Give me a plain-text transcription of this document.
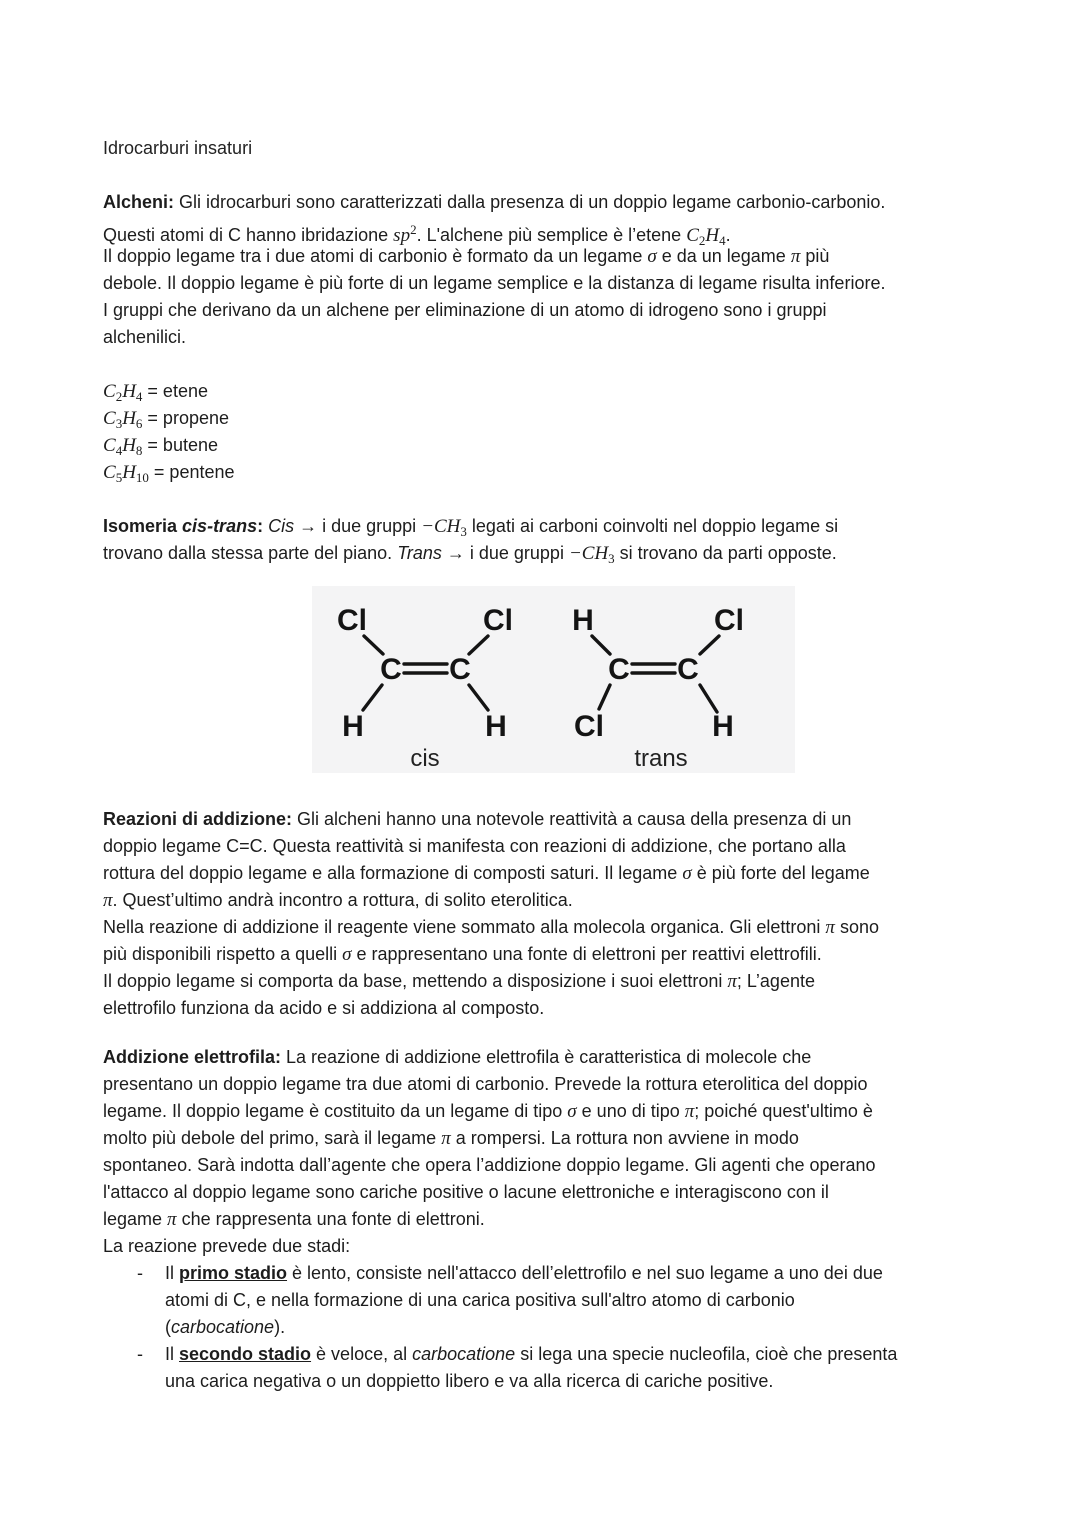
Idrocarburi insaturi
Alcheni: Gli idrocarburi sono caratterizzati dalla presenza di un doppio legame carbonio-carbonio.
Questi atomi di C hanno ibridazione $sp^2$. L'alchene più semplice è l’etene $C_2H_4$.
Il doppio legame tra i due atomi di carbonio è formato da un legame σ e da un legame π più
debole. Il doppio legame è più forte di un legame semplice e la distanza di legame risulta inferiore.
I gruppi che derivano da un alchene per eliminazione di un atomo di idrogeno sono i gruppi
alchenilici.
$C_2H_4$ = etene
$C_3H_6$ = propene
$C_4H_8$ = butene
$C_5H_{10}$ = pentene
Isomeria cis-trans: Cis → i due gruppi $-CH_3$ legati ai carboni coinvolti nel doppio legame si
trovano dalla stessa parte del piano. Trans → i due gruppi $-CH_3$ si trovano da parti opposte.
Cl	Cl
C C
H	H
cis
H	Cl
C C
Cl	H
trans
Reazioni di addizione: Gli alcheni hanno una notevole reattività a causa della presenza di un
doppio legame C=C. Questa reattività si manifesta con reazioni di addizione, che portano alla
rottura del doppio legame e alla formazione di composti saturi. Il legame σ è più forte del legame
π. Quest’ultimo andrà incontro a rottura, di solito eterolitica.
Nella reazione di addizione il reagente viene sommato alla molecola organica. Gli elettroni π sono
più disponibili rispetto a quelli σ e rappresentano una fonte di elettroni per reattivi elettrofili.
Il doppio legame si comporta da base, mettendo a disposizione i suoi elettroni π; L’agente
elettrofilo funziona da acido e si addiziona al composto.
Addizione elettrofila: La reazione di addizione elettrofila è caratteristica di molecole che
presentano un doppio legame tra due atomi di carbonio. Prevede la rottura eterolitica del doppio
legame. Il doppio legame è costituito da un legame di tipo σ e uno di tipo π; poiché quest'ultimo è
molto più debole del primo, sarà il legame π a rompersi. La rottura non avviene in modo
spontaneo. Sarà indotta dall’agente che opera l’addizione doppio legame. Gli agenti che operano
l'attacco al doppio legame sono cariche positive o lacune elettroniche e interagiscono con il
legame π che rappresenta una fonte di elettroni.
La reazione prevede due stadi:
-	Il primo stadio è lento, consiste nell'attacco dell’elettrofilo e nel suo legame a uno dei due
atomi di C, e nella formazione di una carica positiva sull'altro atomo di carbonio
(carbocatione).
-	Il secondo stadio è veloce, al carbocatione si lega una specie nucleofila, cioè che presenta
una carica negativa o un doppietto libero e va alla ricerca di cariche positive.
